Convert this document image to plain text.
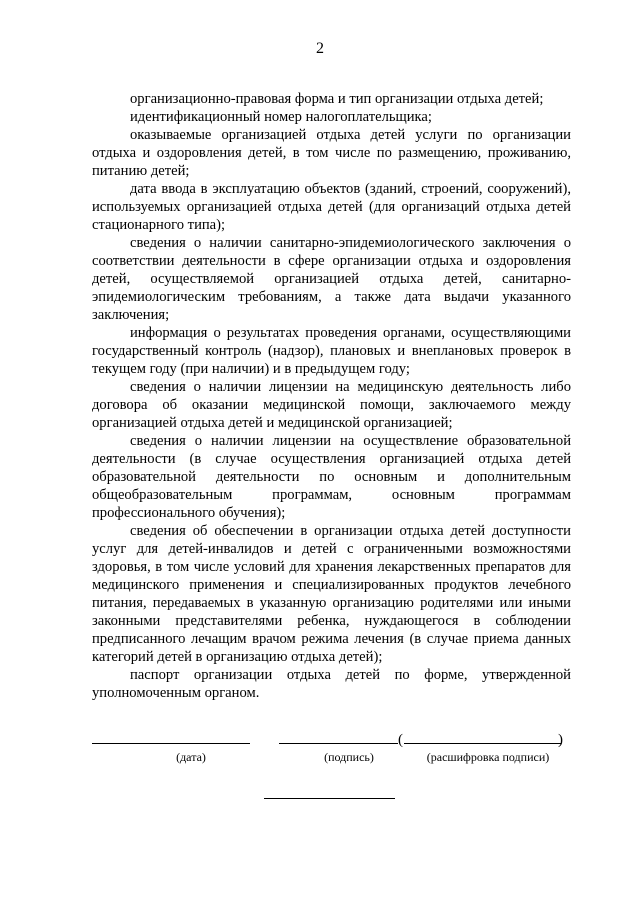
2

организационно-правовая форма и тип организации отдыха детей;

идентификационный номер налогоплательщика;

оказываемые организацией отдыха детей услуги по организации отдыха и оздоровления детей, в том числе по размещению, проживанию, питанию детей;

дата ввода в эксплуатацию объектов (зданий, строений, сооружений), используемых организацией отдыха детей (для организаций отдыха детей стационарного типа);

сведения о наличии санитарно-эпидемиологического заключения о соответствии деятельности в сфере организации отдыха и оздоровления детей, осуществляемой организацией отдыха детей, санитарно-эпидемиологическим требованиям, а также дата выдачи указанного заключения;

информация о результатах проведения органами, осуществляющими государственный контроль (надзор), плановых и внеплановых проверок в текущем году (при наличии) и в предыдущем году;

сведения о наличии лицензии на медицинскую деятельность либо договора об оказании медицинской помощи, заключаемого между организацией отдыха детей и медицинской организацией;

сведения о наличии лицензии на осуществление образовательной деятельности (в случае осуществления организацией отдыха детей образовательной деятельности по основным и дополнительным общеобразовательным программам, основным программам профессионального обучения);

сведения об обеспечении в организации отдыха детей доступности услуг для детей-инвалидов и детей с ограниченными возможностями здоровья, в том числе условий для хранения лекарственных препаратов для медицинского применения и специализированных продуктов лечебного питания, передаваемых в указанную организацию родителями или иными законными представителями ребенка, нуждающегося в соблюдении предписанного лечащим врачом режима лечения (в случае приема данных категорий детей в организацию отдыха детей);

паспорт организации отдыха детей по форме, утвержденной уполномоченным органом.

(дата)	(подпись)
(	)
(расшифровка подписи)
